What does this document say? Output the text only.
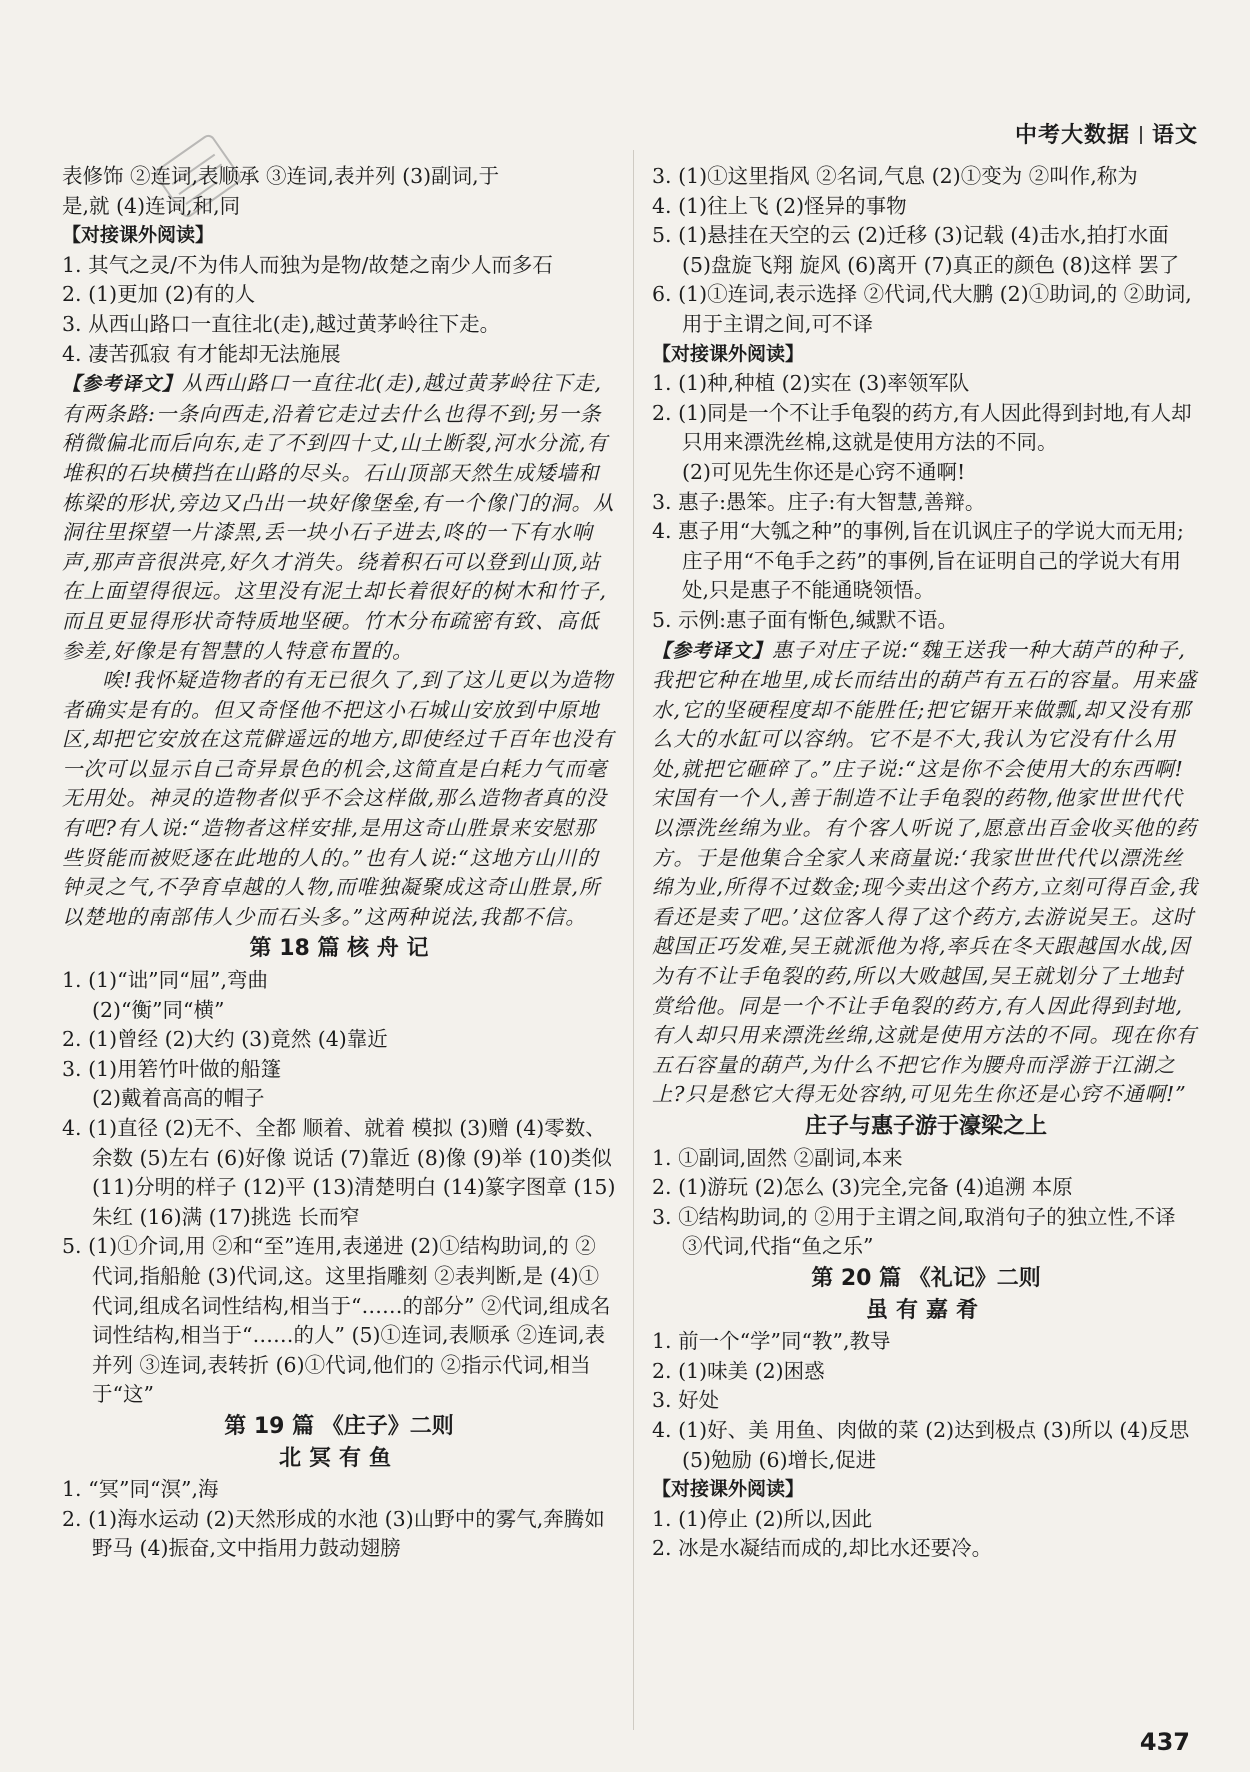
中考大数据 语文

表修饰 ②连词,表顺承 ③连词,表并列 (3)副词,于

是,就 (4)连词,和,同

【对接课外阅读】

1. 其气之灵/不为伟人而独为是物/故楚之南少人而多石

2. (1)更加 (2)有的人

3. 从西山路口一直往北(走),越过黄茅岭往下走。

4. 凄苦孤寂 有才能却无法施展

【参考译文】从西山路口一直往北(走),越过黄茅岭往下走,有两条路:一条向西走,沿着它走过去什么也得不到;另一条稍微偏北而后向东,走了不到四十丈,山土断裂,河水分流,有堆积的石块横挡在山路的尽头。石山顶部天然生成矮墙和栋梁的形状,旁边又凸出一块好像堡垒,有一个像门的洞。从洞往里探望一片漆黑,丢一块小石子进去,咚的一下有水响声,那声音很洪亮,好久才消失。绕着积石可以登到山顶,站在上面望得很远。这里没有泥土却长着很好的树木和竹子,而且更显得形状奇特质地坚硬。竹木分布疏密有致、高低参差,好像是有智慧的人特意布置的。

唉!我怀疑造物者的有无已很久了,到了这儿更以为造物者确实是有的。但又奇怪他不把这小石城山安放到中原地区,却把它安放在这荒僻遥远的地方,即使经过千百年也没有一次可以显示自己奇异景色的机会,这简直是白耗力气而毫无用处。神灵的造物者似乎不会这样做,那么造物者真的没有吧?有人说:“造物者这样安排,是用这奇山胜景来安慰那些贤能而被贬逐在此地的人的。”也有人说:“这地方山川的钟灵之气,不孕育卓越的人物,而唯独凝聚成这奇山胜景,所以楚地的南部伟人少而石头多。”这两种说法,我都不信。

第 18 篇 核 舟 记

1. (1)“诎”同“屈”,弯曲

(2)“衡”同“横”

2. (1)曾经 (2)大约 (3)竟然 (4)靠近

3. (1)用箬竹叶做的船篷

(2)戴着高高的帽子

4. (1)直径 (2)无不、全都 顺着、就着 模拟 (3)赠 (4)零数、余数 (5)左右 (6)好像 说话 (7)靠近 (8)像 (9)举 (10)类似 (11)分明的样子 (12)平 (13)清楚明白 (14)篆字图章 (15)朱红 (16)满 (17)挑选 长而窄

5. (1)①介词,用 ②和“至”连用,表递进 (2)①结构助词,的 ②代词,指船舱 (3)代词,这。这里指雕刻 ②表判断,是 (4)①代词,组成名词性结构,相当于“……的部分” ②代词,组成名词性结构,相当于“……的人” (5)①连词,表顺承 ②连词,表并列 ③连词,表转折 (6)①代词,他们的 ②指示代词,相当于“这”

第 19 篇 《庄子》二则

北冥有鱼

1. “冥”同“溟”,海

2. (1)海水运动 (2)天然形成的水池 (3)山野中的雾气,奔腾如野马 (4)振奋,文中指用力鼓动翅膀

3. (1)①这里指风 ②名词,气息 (2)①变为 ②叫作,称为

4. (1)往上飞 (2)怪异的事物

5. (1)悬挂在天空的云 (2)迁移 (3)记载 (4)击水,拍打水面 (5)盘旋飞翔 旋风 (6)离开 (7)真正的颜色 (8)这样 罢了

6. (1)①连词,表示选择 ②代词,代大鹏 (2)①助词,的 ②助词,用于主谓之间,可不译

【对接课外阅读】

1. (1)种,种植 (2)实在 (3)率领军队

2. (1)同是一个不让手龟裂的药方,有人因此得到封地,有人却只用来漂洗丝棉,这就是使用方法的不同。

(2)可见先生你还是心窍不通啊!

3. 惠子:愚笨。庄子:有大智慧,善辩。

4. 惠子用“大瓠之种”的事例,旨在讥讽庄子的学说大而无用;庄子用“不龟手之药”的事例,旨在证明自己的学说大有用处,只是惠子不能通晓领悟。

5. 示例:惠子面有惭色,缄默不语。

【参考译文】惠子对庄子说:“魏王送我一种大葫芦的种子,我把它种在地里,成长而结出的葫芦有五石的容量。用来盛水,它的坚硬程度却不能胜任;把它锯开来做瓢,却又没有那么大的水缸可以容纳。它不是不大,我认为它没有什么用处,就把它砸碎了。”庄子说:“这是你不会使用大的东西啊!宋国有一个人,善于制造不让手龟裂的药物,他家世世代代以漂洗丝绵为业。有个客人听说了,愿意出百金收买他的药方。于是他集合全家人来商量说:‘我家世世代代以漂洗丝绵为业,所得不过数金;现今卖出这个药方,立刻可得百金,我看还是卖了吧。’这位客人得了这个药方,去游说吴王。这时越国正巧发难,吴王就派他为将,率兵在冬天跟越国水战,因为有不让手龟裂的药,所以大败越国,吴王就划分了土地封赏给他。同是一个不让手龟裂的药方,有人因此得到封地,有人却只用来漂洗丝绵,这就是使用方法的不同。现在你有五石容量的葫芦,为什么不把它作为腰舟而浮游于江湖之上?只是愁它大得无处容纳,可见先生你还是心窍不通啊!”

庄子与惠子游于濠梁之上

1. ①副词,固然 ②副词,本来

2. (1)游玩 (2)怎么 (3)完全,完备 (4)追溯 本原

3. ①结构助词,的 ②用于主谓之间,取消句子的独立性,不译 ③代词,代指“鱼之乐”

第 20 篇 《礼记》二则

虽有嘉肴

1. 前一个“学”同“教”,教导

2. (1)味美 (2)困惑

3. 好处

4. (1)好、美 用鱼、肉做的菜 (2)达到极点 (3)所以 (4)反思 (5)勉励 (6)增长,促进

【对接课外阅读】

1. (1)停止 (2)所以,因此

2. 冰是水凝结而成的,却比水还要冷。

437
